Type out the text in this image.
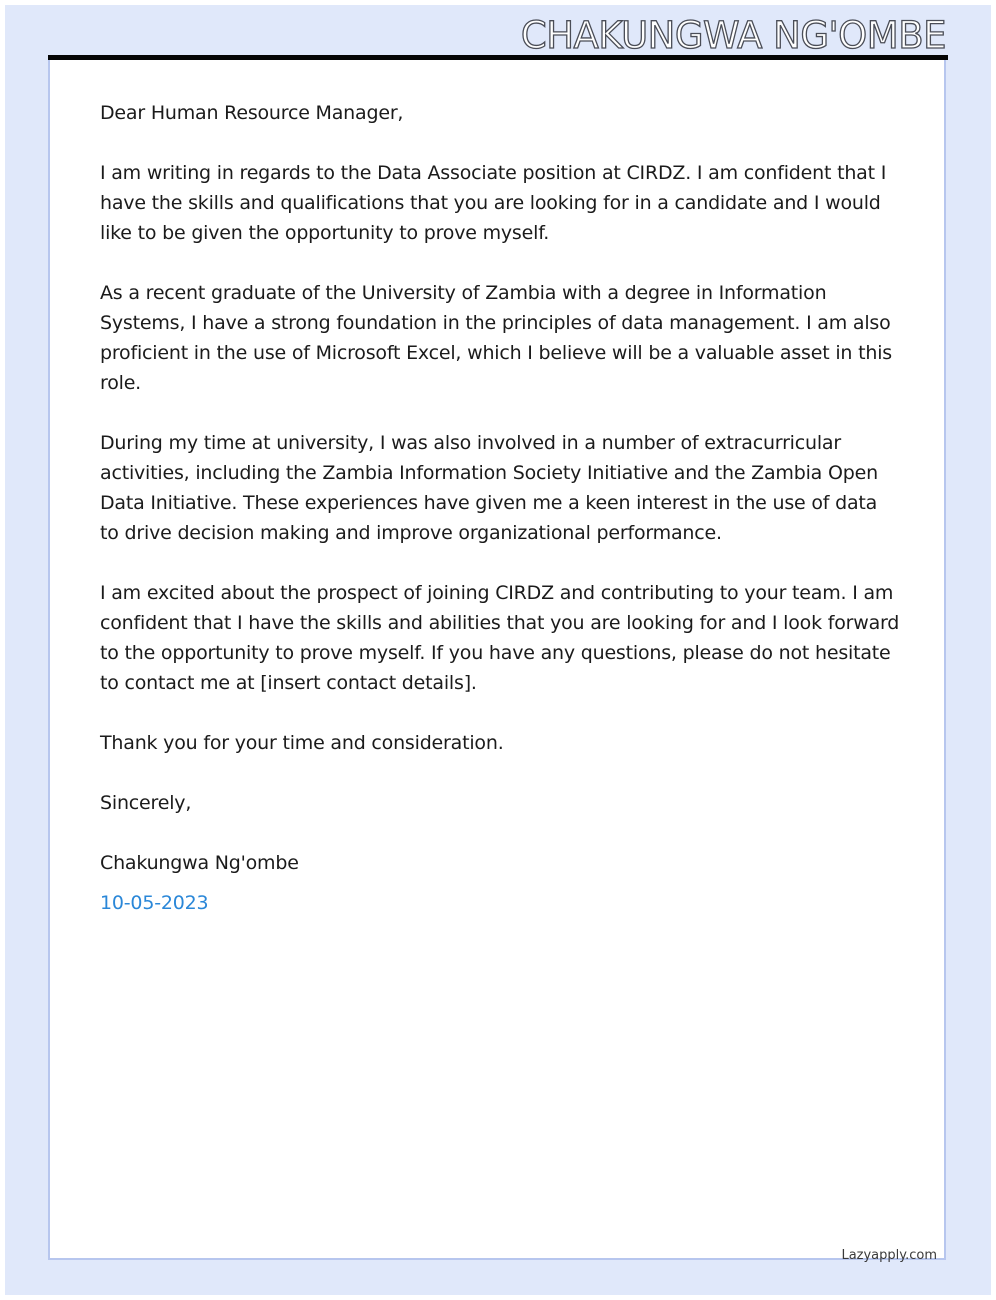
CHAKUNGWA NG'OMBE

Dear Human Resource Manager,

I am writing in regards to the Data Associate position at CIRDZ. I am confident that I have the skills and qualifications that you are looking for in a candidate and I would like to be given the opportunity to prove myself.

As a recent graduate of the University of Zambia with a degree in Information Systems, I have a strong foundation in the principles of data management. I am also proficient in the use of Microsoft Excel, which I believe will be a valuable asset in this role.

During my time at university, I was also involved in a number of extracurricular activities, including the Zambia Information Society Initiative and the Zambia Open Data Initiative. These experiences have given me a keen interest in the use of data to drive decision making and improve organizational performance.

I am excited about the prospect of joining CIRDZ and contributing to your team. I am confident that I have the skills and abilities that you are looking for and I look forward to the opportunity to prove myself. If you have any questions, please do not hesitate to contact me at [insert contact details].

Thank you for your time and consideration.

Sincerely,

Chakungwa Ng'ombe

10-05-2023

Lazyapply.com
